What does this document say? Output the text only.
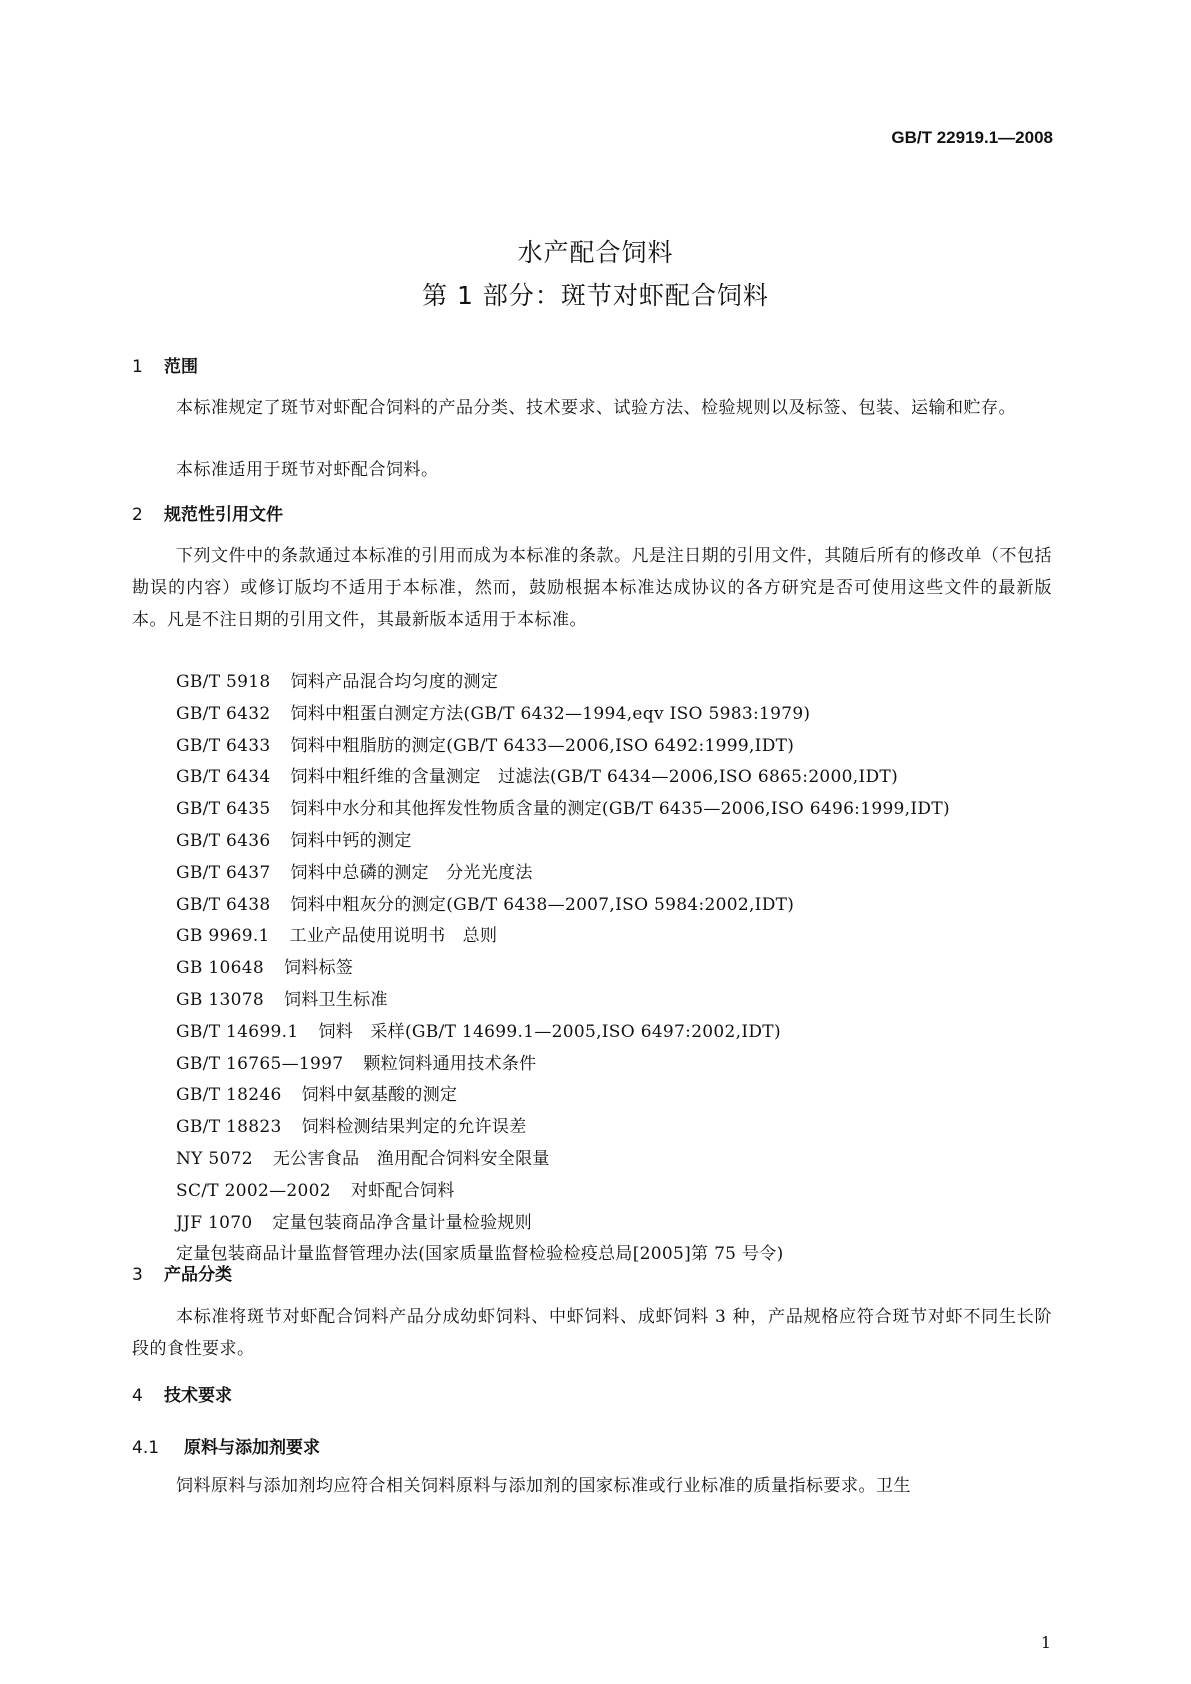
GB/T 22919.1—2008
水产配合饲料
第 1 部分：斑节对虾配合饲料
1 范围
本标准规定了斑节对虾配合饲料的产品分类、技术要求、试验方法、检验规则以及标签、包装、运输和贮存。
本标准适用于斑节对虾配合饲料。
2 规范性引用文件
下列文件中的条款通过本标准的引用而成为本标准的条款。凡是注日期的引用文件，其随后所有的修改单（不包括勘误的内容）或修订版均不适用于本标准，然而，鼓励根据本标准达成协议的各方研究是否可使用这些文件的最新版本。凡是不注日期的引用文件，其最新版本适用于本标准。
GB/T 5918 饲料产品混合均匀度的测定
GB/T 6432 饲料中粗蛋白测定方法(GB/T 6432—1994,eqv ISO 5983:1979)
GB/T 6433 饲料中粗脂肪的测定(GB/T 6433—2006,ISO 6492:1999,IDT)
GB/T 6434 饲料中粗纤维的含量测定　过滤法(GB/T 6434—2006,ISO 6865:2000,IDT)
GB/T 6435 饲料中水分和其他挥发性物质含量的测定(GB/T 6435—2006,ISO 6496:1999,IDT)
GB/T 6436 饲料中钙的测定
GB/T 6437 饲料中总磷的测定　分光光度法
GB/T 6438 饲料中粗灰分的测定(GB/T 6438—2007,ISO 5984:2002,IDT)
GB 9969.1 工业产品使用说明书　总则
GB 10648 饲料标签
GB 13078 饲料卫生标准
GB/T 14699.1 饲料　采样(GB/T 14699.1—2005,ISO 6497:2002,IDT)
GB/T 16765—1997 颗粒饲料通用技术条件
GB/T 18246 饲料中氨基酸的测定
GB/T 18823 饲料检测结果判定的允许误差
NY 5072 无公害食品　渔用配合饲料安全限量
SC/T 2002—2002 对虾配合饲料
JJF 1070 定量包装商品净含量计量检验规则
定量包装商品计量监督管理办法(国家质量监督检验检疫总局[2005]第 75 号令)
3 产品分类
本标准将斑节对虾配合饲料产品分成幼虾饲料、中虾饲料、成虾饲料 3 种，产品规格应符合斑节对虾不同生长阶段的食性要求。
4 技术要求
4.1 原料与添加剂要求
饲料原料与添加剂均应符合相关饲料原料与添加剂的国家标准或行业标准的质量指标要求。卫生
1
